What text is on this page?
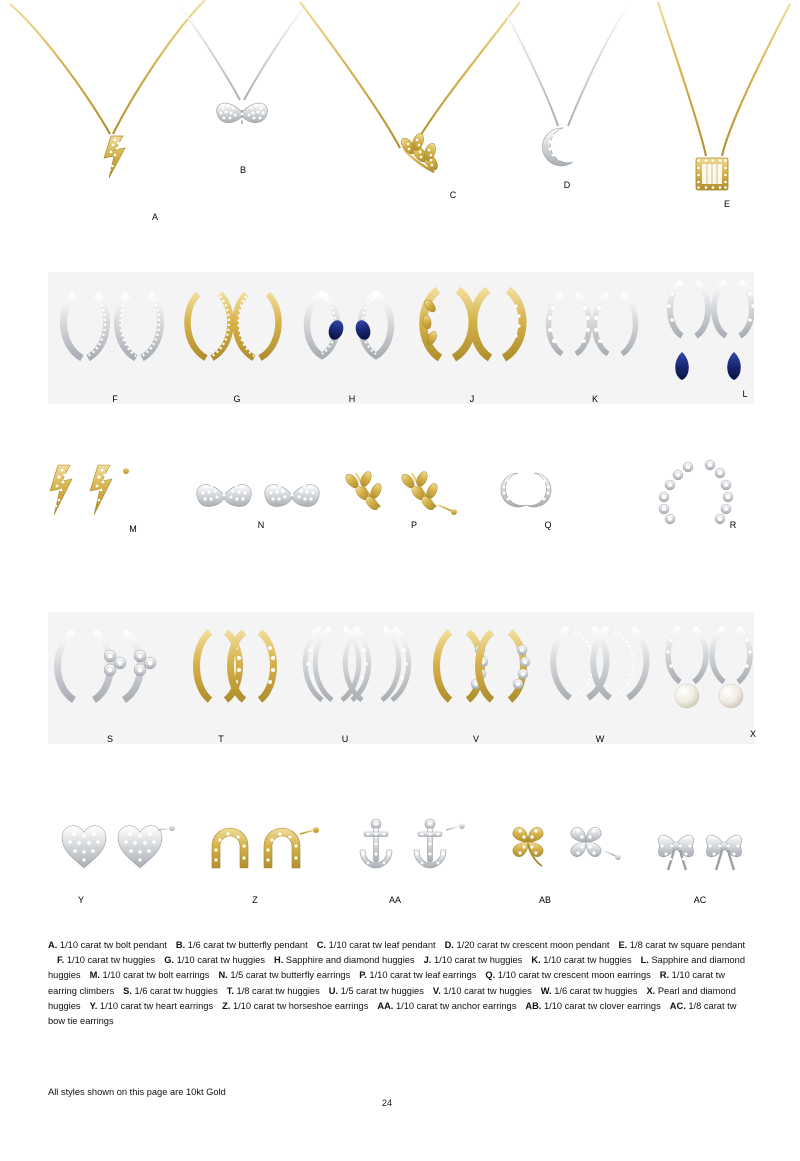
A
B
C
D
E
F	G	H	J	K	L
M	N	P	Q	R
S	T	U	V	W	X
Y	Z	AA	AB	AC
A. 1/10 carat tw bolt pendant B. 1/6 carat tw butterfly pendant C. 1/10 carat tw leaf pendant D. 1/20 carat tw crescent moon pendant E. 1/8 carat tw square pendant F. 1/10 carat tw huggies G. 1/10 carat tw huggies H. Sapphire and diamond huggies J. 1/10 carat tw huggies K. 1/10 carat tw huggies L. Sapphire and diamond huggies M. 1/10 carat tw bolt earrings N. 1/5 carat tw butterfly earrings P. 1/10 carat tw leaf earrings Q. 1/10 carat tw crescent moon earrings R. 1/10 carat tw earring climbers S. 1/6 carat tw huggies T. 1/8 carat tw huggies U. 1/5 carat tw huggies V. 1/10 carat tw huggies W. 1/6 carat tw huggies X. Pearl and diamond huggies Y. 1/10 carat tw heart earrings Z. 1/10 carat tw horseshoe earrings AA. 1/10 carat tw anchor earrings AB. 1/10 carat tw clover earrings AC. 1/8 carat tw bow tie earrings
All styles shown on this page are 10kt Gold
24
